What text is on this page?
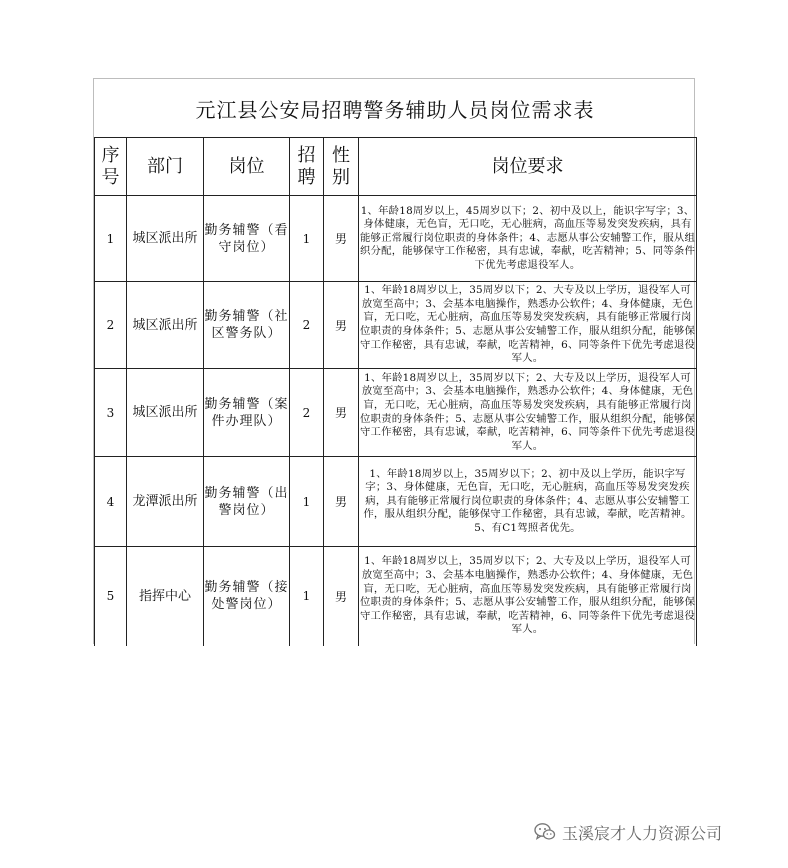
元江县公安局招聘警务辅助人员岗位需求表
序号	部门	岗位	招聘	性别	岗位要求
1	城区派出所	勤务辅警（看守岗位）	1	男	1、年龄18周岁以上，45周岁以下；2、初中及以上，能识字写字；3、身体健康，无色盲，无口吃，无心脏病，高血压等易发突发疾病，具有能够正常履行岗位职责的身体条件；4、志愿从事公安辅警工作，服从组织分配，能够保守工作秘密，具有忠诚，奉献，吃苦精神；5、同等条件下优先考虑退役军人。
2	城区派出所	勤务辅警（社区警务队）	2	男	1、年龄18周岁以上，35周岁以下；2、大专及以上学历，退役军人可放宽至高中；3、会基本电脑操作，熟悉办公软件；4、身体健康，无色盲，无口吃，无心脏病，高血压等易发突发疾病，具有能够正常履行岗位职责的身体条件；5、志愿从事公安辅警工作，服从组织分配，能够保守工作秘密，具有忠诚，奉献，吃苦精神，6、同等条件下优先考虑退役军人。
3	城区派出所	勤务辅警（案件办理队）	2	男	1、年龄18周岁以上，35周岁以下；2、大专及以上学历，退役军人可放宽至高中；3、会基本电脑操作，熟悉办公软件；4、身体健康，无色盲，无口吃，无心脏病，高血压等易发突发疾病，具有能够正常履行岗位职责的身体条件；5、志愿从事公安辅警工作，服从组织分配，能够保守工作秘密，具有忠诚，奉献，吃苦精神，6、同等条件下优先考虑退役军人。
4	龙潭派出所	勤务辅警（出警岗位）	1	男	1、年龄18周岁以上，35周岁以下；2、初中及以上学历，能识字写字；3、身体健康，无色盲，无口吃，无心脏病，高血压等易发突发疾病，具有能够正常履行岗位职责的身体条件；4、志愿从事公安辅警工作，服从组织分配，能够保守工作秘密，具有忠诚，奉献，吃苦精神。5、有C1驾照者优先。
5	指挥中心	勤务辅警（接处警岗位）	1	男	1、年龄18周岁以上，35周岁以下；2、大专及以上学历，退役军人可放宽至高中；3、会基本电脑操作，熟悉办公软件；4、身体健康，无色盲，无口吃，无心脏病，高血压等易发突发疾病，具有能够正常履行岗位职责的身体条件；5、志愿从事公安辅警工作，服从组织分配，能够保守工作秘密，具有忠诚，奉献，吃苦精神，6、同等条件下优先考虑退役军人。
玉溪宸才人力资源公司
